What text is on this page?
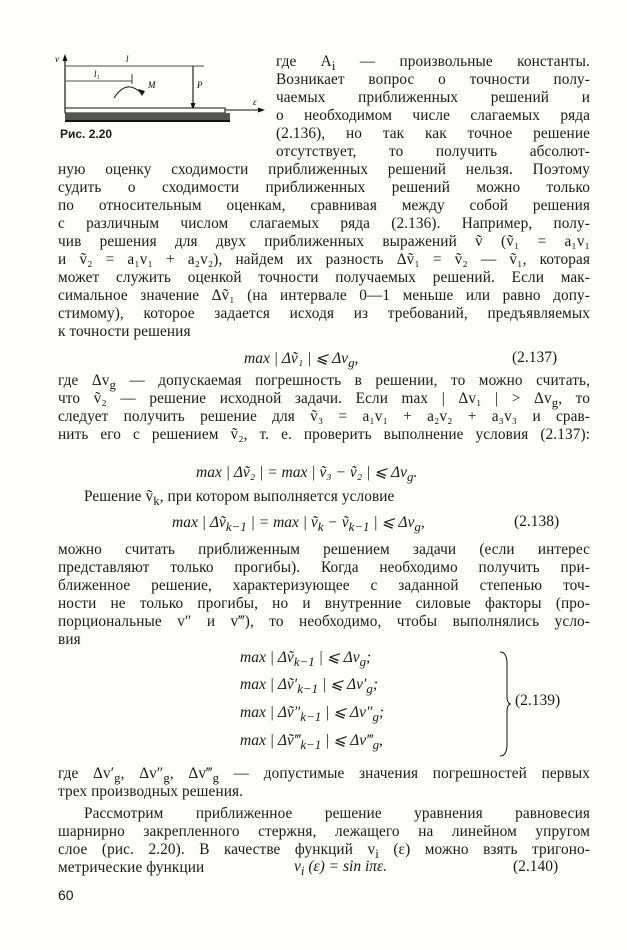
v	l
l₁
P
M
ε
Рис. 2.20
где $A_i$ — произвольные константы.
Возникает вопрос о точности полу-
чаемых приближенных решений и
о необходимом числе слагаемых ряда
(2.136), но так как точное решение
отсутствует, то получить абсолют-
ную оценку сходимости приближенных решений нельзя. Поэтому
судить о сходимости приближенных решений можно только
по относительным оценкам, сравнивая между собой решения
с различным числом слагаемых ряда (2.136). Например, полу-
чив решения для двух приближенных выражений ṽ (ṽ₁ = a₁v₁
и ṽ₂ = a₁v₁ + a₂v₂), найдем их разность Δṽ₁ = ṽ₂ — ṽ₁, которая
может служить оценкой точности получаемых решений. Если мак-
симальное значение Δṽ₁ (на интервале 0—1 меньше или равно допу-
стимому), которое задается исходя из требований, предъявляемых
к точности решения
где $\Delta v_g$ — допускаемая погрешность в решении, то можно считать,
что ṽ₂ — решение исходной задачи. Если max | Δv₁ | > $\Delta v_g$, то
следует получить решение для ṽ₃ = a₁v₁ + a₂v₂ + a₃v₃ и срав-
нить его с решением ṽ₂, т. е. проверить выполнение условия (2.137):
Решение ṽ$_k$, при котором выполняется условие
можно считать приближенным решением задачи (если интерес
представляют только прогибы). Когда необходимо получить при-
ближенное решение, характеризующее с заданной степенью точ-
ности не только прогибы, но и внутренние силовые факторы (про-
порциональные v″ и v‴), то необходимо, чтобы выполнялись усло-
вия
где $\Delta v'_g$, $\Delta v''_g$, $\Delta v‴_g$ — допустимые значения погрешностей первых
трех производных решения.
Рассмотрим приближенное решение уравнения равновесия
шарнирно закрепленного стержня, лежащего на линейном упругом
слое (рис. 2.20). В качестве функций $v_i$ (ε) можно взять тригоно-
метрические функции
max | Δṽ₁ | ⩽ $\Delta v_g$,	(2.137)
max | Δṽ₂ | = max | ṽ₃ − ṽ₂ | ⩽ $\Delta v_g$.
max | Δṽ$_{k-1}$ | = max | ṽ$_k$ − ṽ$_{k-1}$ | ⩽ $\Delta v_g$,	(2.138)
max | Δṽ$_{k-1}$ | ⩽ $\Delta v_g$;
max | $\Delta ṽ'_{k-1}$ | ⩽ $\Delta v'_g$;
max | $\Delta ṽ''_{k-1}$ | ⩽ $\Delta v''_g$;
max | $\Delta ṽ‴_{k-1}$ | ⩽ $\Delta v‴_g$,
(2.139)
$v_i$ (ε) = sin iπε.	(2.140)
60
